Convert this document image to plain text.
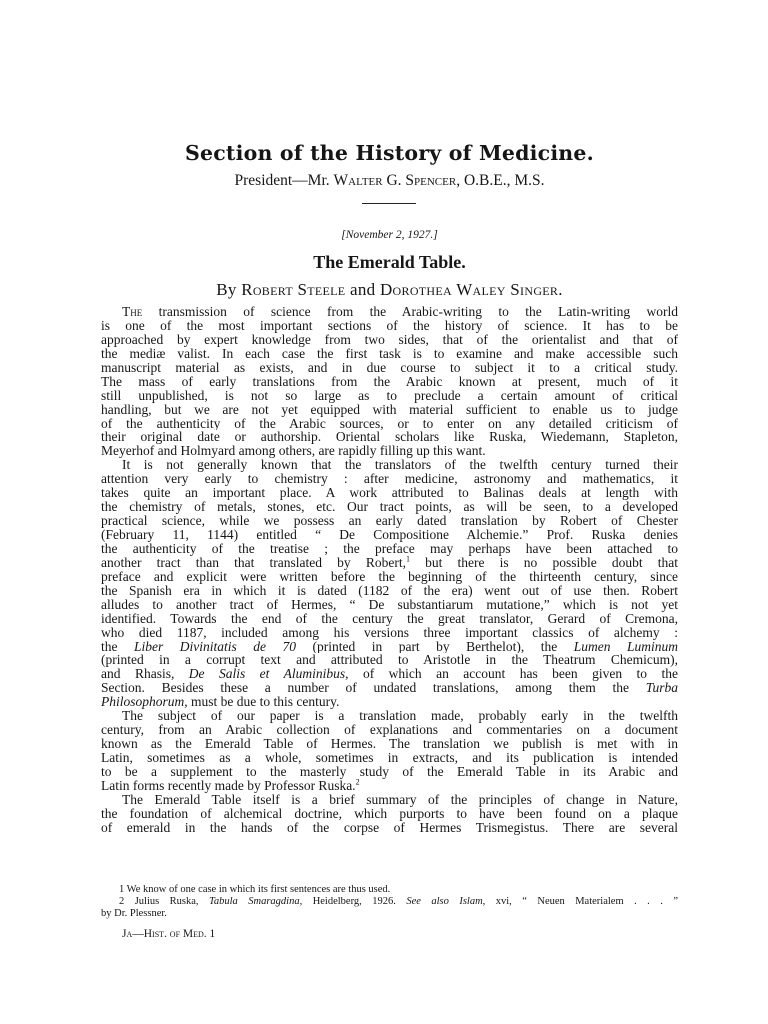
Section of the History of Medicine.
President—Mr. Walter G. Spencer, O.B.E., M.S.
[November 2, 1927.]
The Emerald Table.
By Robert Steele and Dorothea Waley Singer.
The transmission of science from the Arabic-writing to the Latin-writing world
is one of the most important sections of the history of science. It has to be
approached by expert knowledge from two sides, that of the orientalist and that of
the mediæ valist. In each case the first task is to examine and make accessible such
manuscript material as exists, and in due course to subject it to a critical study.
The mass of early translations from the Arabic known at present, much of it
still unpublished, is not so large as to preclude a certain amount of critical
handling, but we are not yet equipped with material sufficient to enable us to judge
of the authenticity of the Arabic sources, or to enter on any detailed criticism of
their original date or authorship. Oriental scholars like Ruska, Wiedemann, Stapleton,
Meyerhof and Holmyard among others, are rapidly filling up this want.
It is not generally known that the translators of the twelfth century turned their
attention very early to chemistry : after medicine, astronomy and mathematics, it
takes quite an important place. A work attributed to Balinas deals at length with
the chemistry of metals, stones, etc. Our tract points, as will be seen, to a developed
practical science, while we possess an early dated translation by Robert of Chester
(February 11, 1144) entitled “ De Compositione Alchemie.” Prof. Ruska denies
the authenticity of the treatise ; the preface may perhaps have been attached to
another tract than that translated by Robert,$^1$ but there is no possible doubt that
preface and explicit were written before the beginning of the thirteenth century, since
the Spanish era in which it is dated (1182 of the era) went out of use then. Robert
alludes to another tract of Hermes, “ De substantiarum mutatione,” which is not yet
identified. Towards the end of the century the great translator, Gerard of Cremona,
who died 1187, included among his versions three important classics of alchemy :
the Liber Divinitatis de 70 (printed in part by Berthelot), the Lumen Luminum
(printed in a corrupt text and attributed to Aristotle in the Theatrum Chemicum),
and Rhasis, De Salis et Aluminibus, of which an account has been given to the
Section. Besides these a number of undated translations, among them the Turba
Philosophorum, must be due to this century.
The subject of our paper is a translation made, probably early in the twelfth
century, from an Arabic collection of explanations and commentaries on a document
known as the Emerald Table of Hermes. The translation we publish is met with in
Latin, sometimes as a whole, sometimes in extracts, and its publication is intended
to be a supplement to the masterly study of the Emerald Table in its Arabic and
Latin forms recently made by Professor Ruska.$^2$
The Emerald Table itself is a brief summary of the principles of change in Nature,
the foundation of alchemical doctrine, which purports to have been found on a plaque
of emerald in the hands of the corpse of Hermes Trismegistus. There are several
1 We know of one case in which its first sentences are thus used.
2 Julius Ruska, Tabula Smaragdina, Heidelberg, 1926. See also Islam, xvi, “ Neuen Materialem . . . ”
by Dr. Plessner.
Ja—Hist. of Med. 1
